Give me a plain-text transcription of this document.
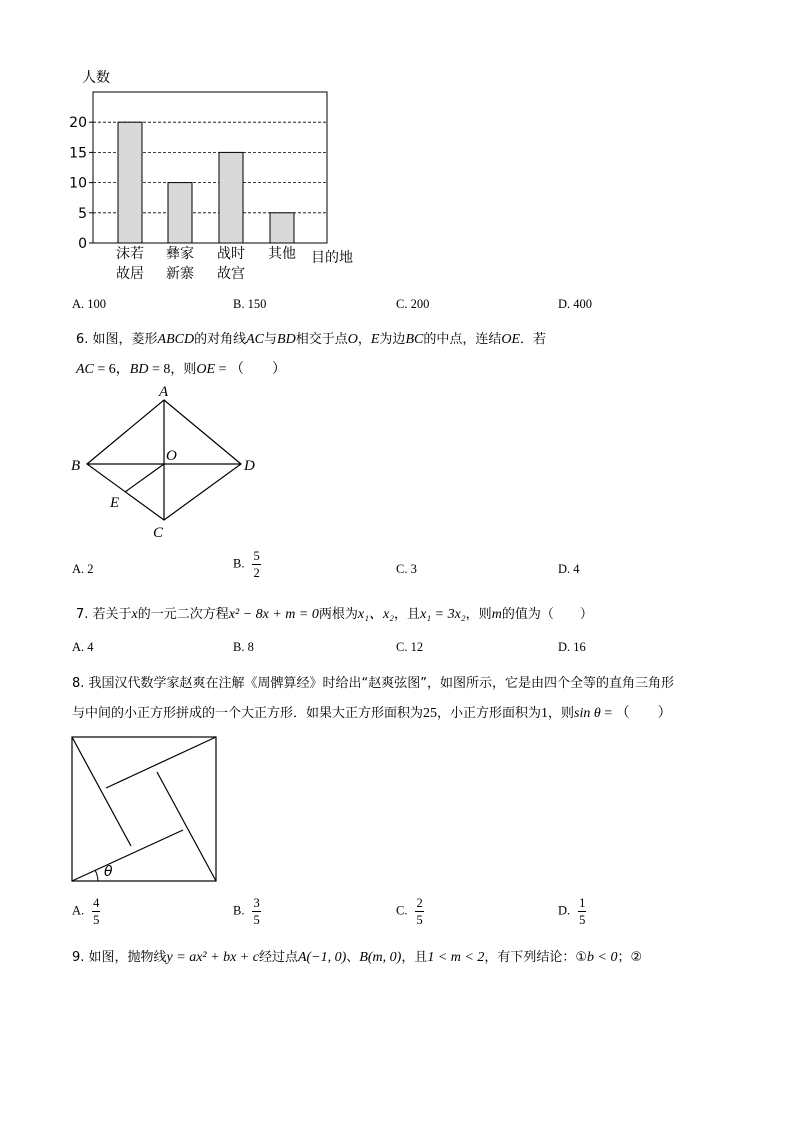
人数
0
5
10
15
20
沫若
故居
彝家
新寨
战时
故宫
其他 目的地
A. 100	B. 150	C. 200	D. 400
6. 如图，菱形ABCD的对角线AC与BD相交于点O，E为边BC的中点，连结OE．若
AC = 6，BD = 8，则OE = （　　）
A
B	D
C
O
E
A. 2	B. $\frac{5}{2}$	C. 3	D. 4
7. 若关于x的一元二次方程x² − 8x + m = 0两根为x₁、x₂，且x₁ = 3x₂，则m的值为（　　）
A. 4	B. 8	C. 12	D. 16
8. 我国汉代数学家赵爽在注解《周髀算经》时给出“赵爽弦图”，如图所示，它是由四个全等的直角三角形
与中间的小正方形拼成的一个大正方形．如果大正方形面积为25，小正方形面积为1，则sin θ = （　　）
θ
A. $\frac{4}{5}$	B. $\frac{3}{5}$	C. $\frac{2}{5}$	D. $\frac{1}{5}$
9. 如图，抛物线y = ax² + bx + c经过点A(−1, 0)、B(m, 0)，且1 < m < 2，有下列结论：①b < 0；②
